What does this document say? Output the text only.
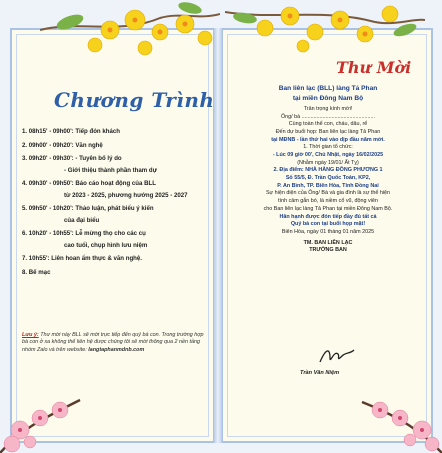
Chương Trình
Thư Mời
1. 08h15' - 09h00': Tiếp đón khách
2. 09h00' - 09h20': Văn nghệ
3. 09h20' - 09h30': - Tuyên bố lý do
- Giới thiệu thành phần tham dự
4. 09h30' - 09h50': Báo cáo hoạt động của BLL
từ 2023 - 2025, phương hướng 2025 - 2027
5. 09h50' - 10h20': Thảo luận, phát biểu ý kiến
của đại biểu
6. 10h20' - 10h55': Lễ mừng thọ cho các cụ
cao tuổi, chụp hình lưu niệm
7. 10h55': Liên hoan ẩm thực & văn nghệ.
8. Bế mạc
Lưu ý: Thư mời này BLL sẽ mời trực tiếp đến quý bà con. Trong trường hợp bà con ở xa không thể liên hệ được chúng tôi sẽ mời thông qua 2 nền tảng nhóm Zalo và trên website: langtaphanmdnb.com
Ban liên lạc (BLL) làng Tả Phan
tại miền Đông Nam Bộ
Trân trọng kính mời!
Ông/ bà .................................................
Cùng toàn thể con, cháu, dâu, rể
Đến dự buổi họp: Ban liên lạc làng Tả Phan
tại MĐNB - lần thứ hai vào dịp đầu năm mới.
1. Thời gian tổ chức:
- Lúc 09 giờ 00', Chủ Nhật, ngày 16/02/2025
(Nhằm ngày 19/01/ Ất Tỵ)
2. Địa điểm: NHÀ HÀNG ĐỒNG PHƯƠNG 1
Số 55/5, Đ. Trần Quốc Toản, KP2,
P. An Bình, TP. Biên Hòa, Tỉnh Đồng Nai
Sự hiện diện của Ông/ Bà và gia đình là sự thể hiện
tình cảm gắn bó, là niềm cổ vũ, động viên
cho Ban liên lạc làng Tả Phan tại miền Đông Nam Bộ.
Hân hạnh được đón tiếp đầy đủ tất cả
Quý bà con tại buổi họp mặt!
Biên Hòa, ngày 01 tháng 01 năm 2025
TM. BAN LIÊN LẠC
TRƯỞNG BAN
Trần Văn Niệm
